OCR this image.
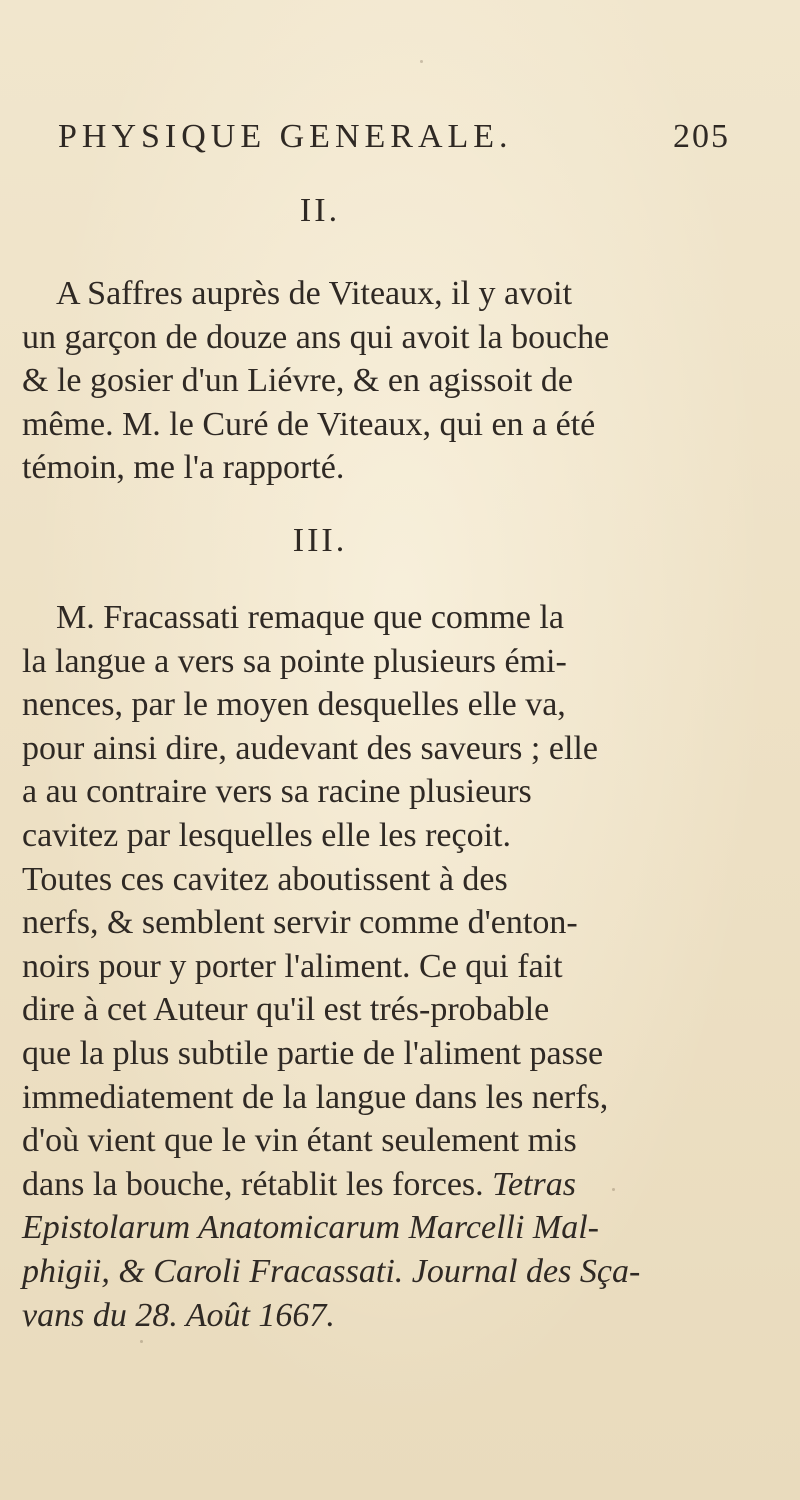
PHYSIQUE GENERALE.	205
II.
A Saffres auprès de Viteaux, il y avoit
un garçon de douze ans qui avoit la bouche
& le gosier d'un Liévre, & en agissoit de
même. M. le Curé de Viteaux, qui en a été
témoin, me l'a rapporté.
III.
M. Fracassati remaque que comme la
la langue a vers sa pointe plusieurs émi-
nences, par le moyen desquelles elle va,
pour ainsi dire, audevant des saveurs ; elle
a au contraire vers sa racine plusieurs
cavitez par lesquelles elle les reçoit.
Toutes ces cavitez aboutissent à des
nerfs, & semblent servir comme d'enton-
noirs pour y porter l'aliment. Ce qui fait
dire à cet Auteur qu'il est trés-probable
que la plus subtile partie de l'aliment passe
immediatement de la langue dans les nerfs,
d'où vient que le vin étant seulement mis
dans la bouche, rétablit les forces. Tetras
Epistolarum Anatomicarum Marcelli Mal-
phigii, & Caroli Fracassati. Journal des Sça-
vans du 28. Août 1667.
